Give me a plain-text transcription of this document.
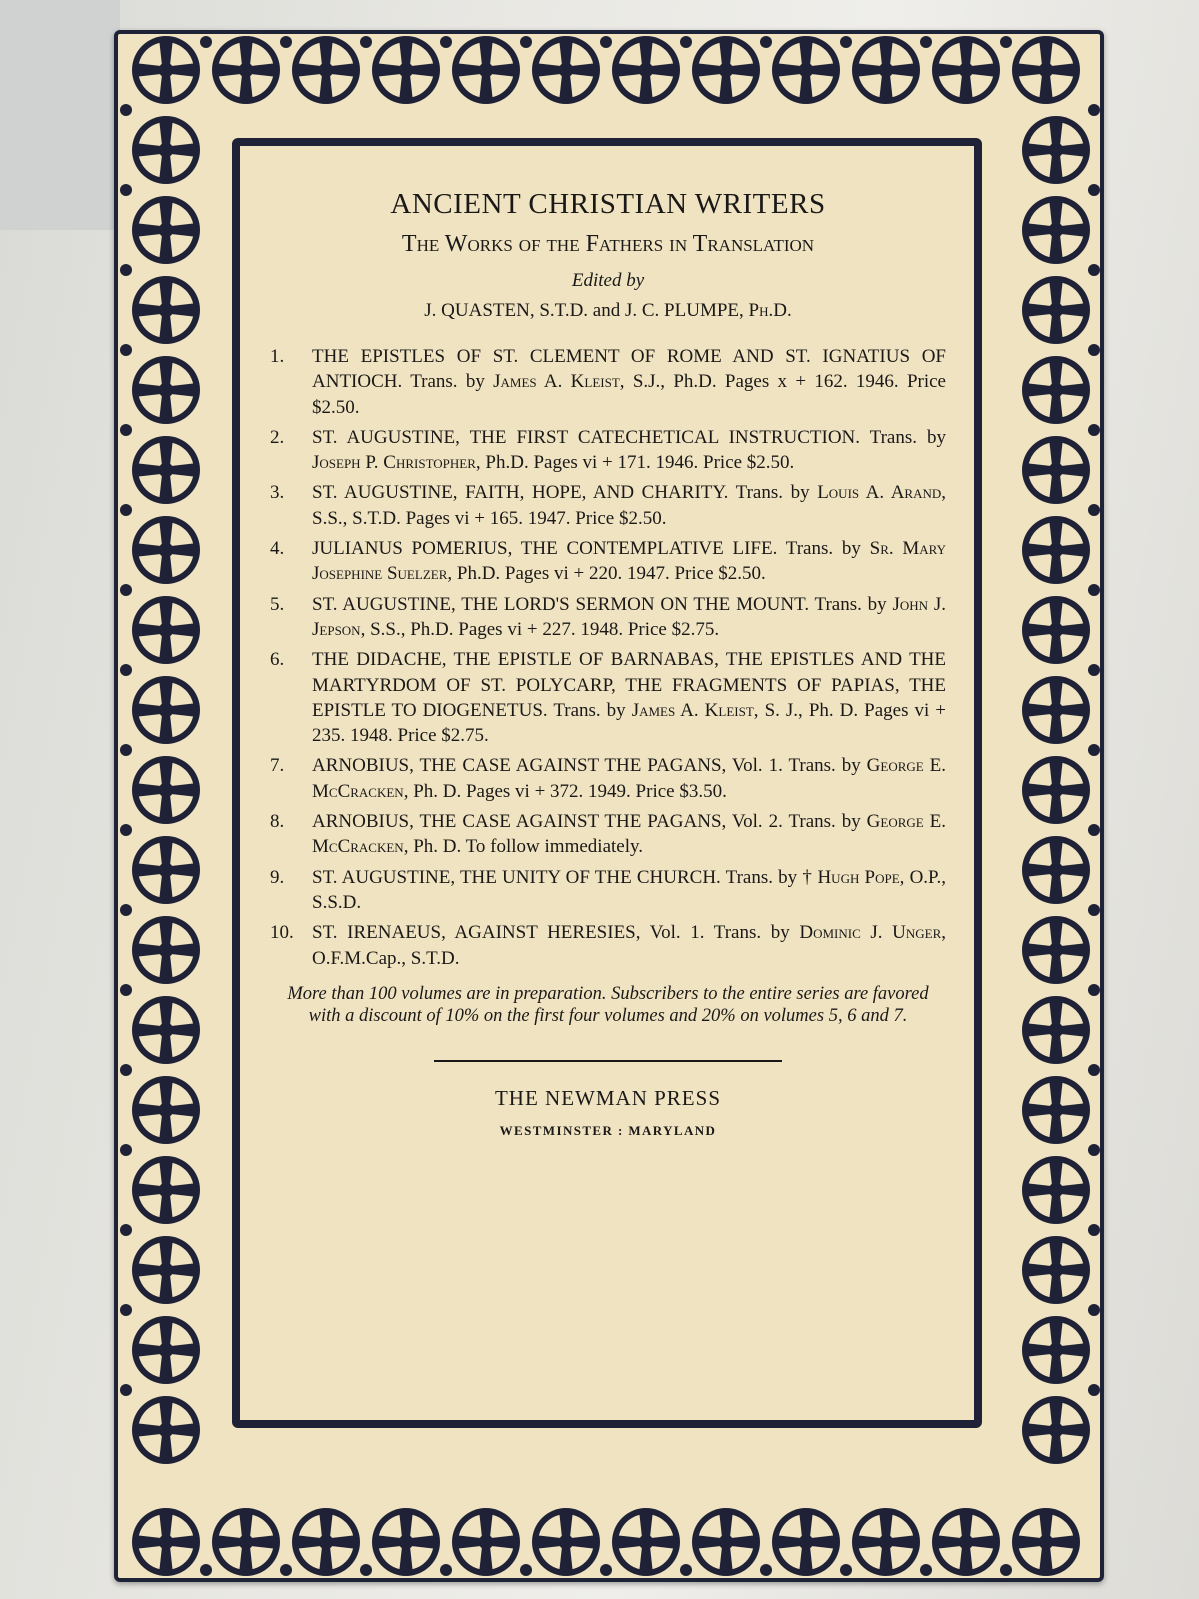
ANCIENT CHRISTIAN WRITERS
The Works of the Fathers in Translation
Edited by
J. QUASTEN, S.T.D. and J. C. PLUMPE, Ph.D.
1.	THE EPISTLES OF ST. CLEMENT OF ROME AND ST. IGNATIUS OF ANTIOCH. Trans. by James A. Kleist, S.J., Ph.D. Pages x + 162. 1946. Price $2.50.
2.	ST. AUGUSTINE, THE FIRST CATECHETICAL INSTRUCTION. Trans. by Joseph P. Christopher, Ph.D. Pages vi + 171. 1946. Price $2.50.
3.	ST. AUGUSTINE, FAITH, HOPE, AND CHARITY. Trans. by Louis A. Arand, S.S., S.T.D. Pages vi + 165. 1947. Price $2.50.
4.	JULIANUS POMERIUS, THE CONTEMPLATIVE LIFE. Trans. by Sr. Mary Josephine Suelzer, Ph.D. Pages vi + 220. 1947. Price $2.50.
5.	ST. AUGUSTINE, THE LORD'S SERMON ON THE MOUNT. Trans. by John J. Jepson, S.S., Ph.D. Pages vi + 227. 1948. Price $2.75.
6.	THE DIDACHE, THE EPISTLE OF BARNABAS, THE EPISTLES AND THE MARTYRDOM OF ST. POLYCARP, THE FRAGMENTS OF PAPIAS, THE EPISTLE TO DIOGENETUS. Trans. by James A. Kleist, S. J., Ph. D. Pages vi + 235. 1948. Price $2.75.
7.	ARNOBIUS, THE CASE AGAINST THE PAGANS, Vol. 1. Trans. by George E. McCracken, Ph. D. Pages vi + 372. 1949. Price $3.50.
8.	ARNOBIUS, THE CASE AGAINST THE PAGANS, Vol. 2. Trans. by George E. McCracken, Ph. D. To follow immediately.
9.	ST. AUGUSTINE, THE UNITY OF THE CHURCH. Trans. by † Hugh Pope, O.P., S.S.D.
10. ST. IRENAEUS, AGAINST HERESIES, Vol. 1. Trans. by Dominic J. Unger, O.F.M.Cap., S.T.D.
More than 100 volumes are in preparation. Subscribers to the entire series are favored with a discount of 10% on the first four volumes and 20% on volumes 5, 6 and 7.
THE NEWMAN PRESS
WESTMINSTER : MARYLAND
